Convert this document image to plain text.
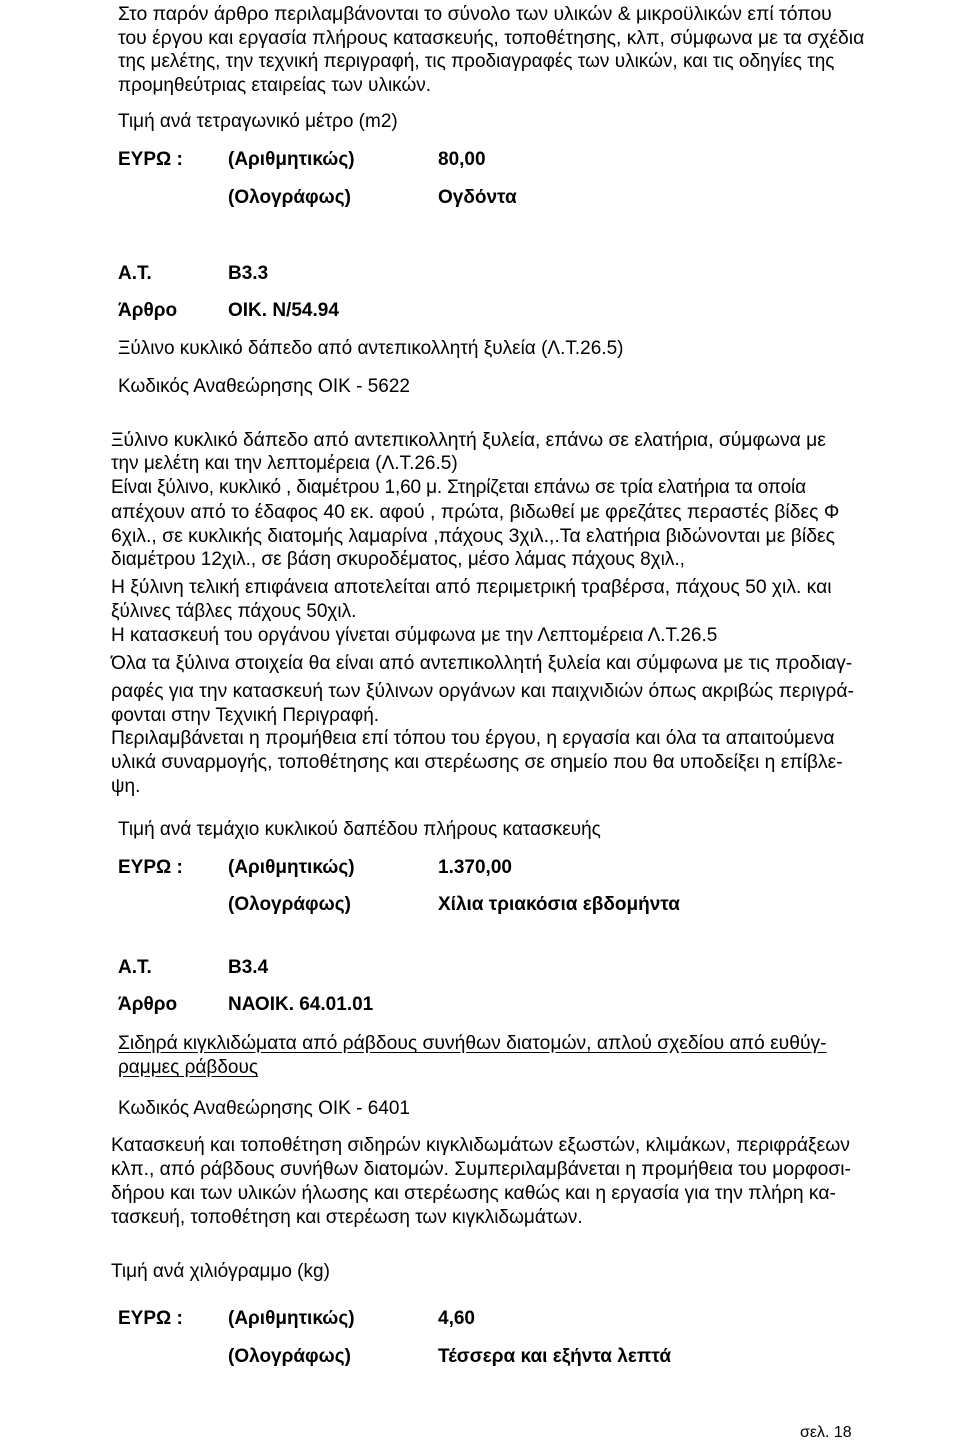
Στο παρόν άρθρο περιλαμβάνονται το σύνολο των υλικών & μικροϋλικών επί τόπου
του έργου και εργασία πλήρους κατασκευής, τοποθέτησης, κλπ, σύμφωνα με τα σχέδια
της μελέτης, την τεχνική περιγραφή, τις προδιαγραφές των υλικών, και τις οδηγίες της
προμηθεύτριας εταιρείας των υλικών.
Τιμή ανά τετραγωνικό μέτρο (m2)
ΕΥΡΩ : (Αριθμητικώς)	80,00
(Ολογράφως)	Ογδόντα
Α.Τ.	Β3.3
Άρθρο	ΟΙΚ. Ν/54.94
Ξύλινο κυκλικό δάπεδο από αντεπικολλητή ξυλεία (Λ.Τ.26.5)
Κωδικός Αναθεώρησης ΟΙΚ - 5622
Ξύλινο κυκλικό δάπεδο από αντεπικολλητή ξυλεία, επάνω σε ελατήρια, σύμφωνα με
την μελέτη και την λεπτομέρεια (Λ.Τ.26.5)
Είναι ξύλινο, κυκλικό , διαμέτρου 1,60 μ. Στηρίζεται επάνω σε τρία ελατήρια τα οποία
απέχουν από το έδαφος 40 εκ. αφού , πρώτα, βιδωθεί με φρεζάτες περαστές βίδες Φ
6χιλ., σε κυκλικής διατομής λαμαρίνα ,πάχους 3χιλ.,.Τα ελατήρια βιδώνονται με βίδες
διαμέτρου 12χιλ., σε βάση σκυροδέματος, μέσο λάμας πάχους 8χιλ.,
Η ξύλινη τελική επιφάνεια αποτελείται από περιμετρική τραβέρσα, πάχους 50 χιλ. και
ξύλινες τάβλες πάχους 50χιλ.
Η κατασκευή του οργάνου γίνεται σύμφωνα με την Λεπτομέρεια Λ.Τ.26.5
Όλα τα ξύλινα στοιχεία θα είναι από αντεπικολλητή ξυλεία και σύμφωνα με τις προδιαγ-
ραφές για την κατασκευή των ξύλινων οργάνων και παιχνιδιών όπως ακριβώς περιγρά-
φονται στην Τεχνική Περιγραφή.
Περιλαμβάνεται η προμήθεια επί τόπου του έργου, η εργασία και όλα τα απαιτούμενα
υλικά συναρμογής, τοποθέτησης και στερέωσης σε σημείο που θα υποδείξει η επίβλε-
ψη.
Τιμή ανά τεμάχιο κυκλικού δαπέδου πλήρους κατασκευής
ΕΥΡΩ : (Αριθμητικώς)	1.370,00
(Ολογράφως)	Χίλια τριακόσια εβδομήντα
Α.Τ.	Β3.4
Άρθρο	ΝΑΟΙΚ. 64.01.01
Σιδηρά κιγκλιδώματα από ράβδους συνήθων διατομών, απλού σχεδίου από ευθύγ-
ραμμες ράβδους
Κωδικός Αναθεώρησης ΟΙΚ - 6401
Κατασκευή και τοποθέτηση σιδηρών κιγκλιδωμάτων εξωστών, κλιμάκων, περιφράξεων
κλπ., από ράβδους συνήθων διατομών. Συμπεριλαμβάνεται η προμήθεια του μορφοσι-
δήρου και των υλικών ήλωσης και στερέωσης καθώς και η εργασία για την πλήρη κα-
τασκευή, τοποθέτηση και στερέωση των κιγκλιδωμάτων.
Τιμή ανά χιλιόγραμμο (kg)
ΕΥΡΩ : (Αριθμητικώς)	4,60
(Ολογράφως)	Τέσσερα και εξήντα λεπτά
σελ. 18
